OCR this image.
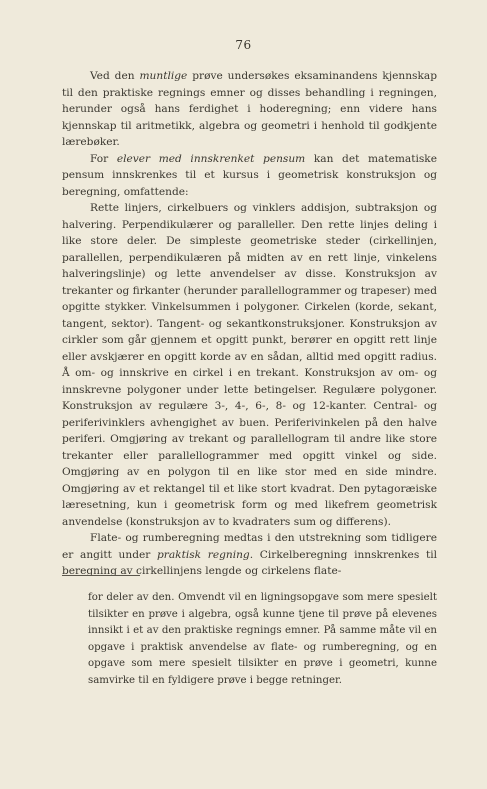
76

Ved den muntlige prøve undersøkes eksaminandens kjennskap til den praktiske regnings emner og disses behandling i regningen, herunder også hans ferdighet i hoderegning; enn videre hans kjennskap til aritmetikk, algebra og geometri i henhold til godkjente lærebøker.

For elever med innskrenket pensum kan det matematiske pensum innskrenkes til et kursus i geometrisk konstruksjon og beregning, omfattende:

Rette linjers, cirkelbuers og vinklers addisjon, subtraksjon og halvering. Perpendikulærer og paralleller. Den rette linjes deling i like store deler. De simpleste geometriske steder (cirkellinjen, parallellen, perpendikulæren på midten av en rett linje, vinkelens halveringslinje) og lette anvendelser av disse. Konstruksjon av trekanter og firkanter (herunder parallellogrammer og trapeser) med opgitte stykker. Vinkelsummen i polygoner. Cirkelen (korde, sekant, tangent, sektor). Tangent- og sekantkonstruksjoner. Konstruksjon av cirkler som går gjennem et opgitt punkt, berører en opgitt rett linje eller avskjærer en opgitt korde av en sådan, alltid med opgitt radius. Å om- og innskrive en cirkel i en trekant. Konstruksjon av om- og innskrevne polygoner under lette betingelser. Regulære polygoner. Konstruksjon av regulære 3-, 4-, 6-, 8- og 12-kanter. Central- og periferivinklers avhengighet av buen. Periferivinkelen på den halve periferi. Omgjøring av trekant og parallellogram til andre like store trekanter eller parallellogrammer med opgitt vinkel og side. Omgjøring av en polygon til en like stor med en side mindre. Omgjøring av et rektangel til et like stort kvadrat. Den pytagoræiske læresetning, kun i geometrisk form og med likefrem geometrisk anvendelse (konstruksjon av to kvadraters sum og differens).

Flate- og rumberegning medtas i den utstrekning som tidligere er angitt under praktisk regning. Cirkelberegning innskrenkes til beregning av cirkellinjens lengde og cirkelens flate-

for deler av den. Omvendt vil en ligningsopgave som mere spesielt tilsikter en prøve i algebra, også kunne tjene til prøve på elevenes innsikt i et av den praktiske regnings emner. På samme måte vil en opgave i praktisk anvendelse av flate- og rumberegning, og en opgave som mere spesielt tilsikter en prøve i geometri, kunne samvirke til en fyldigere prøve i begge retninger.
